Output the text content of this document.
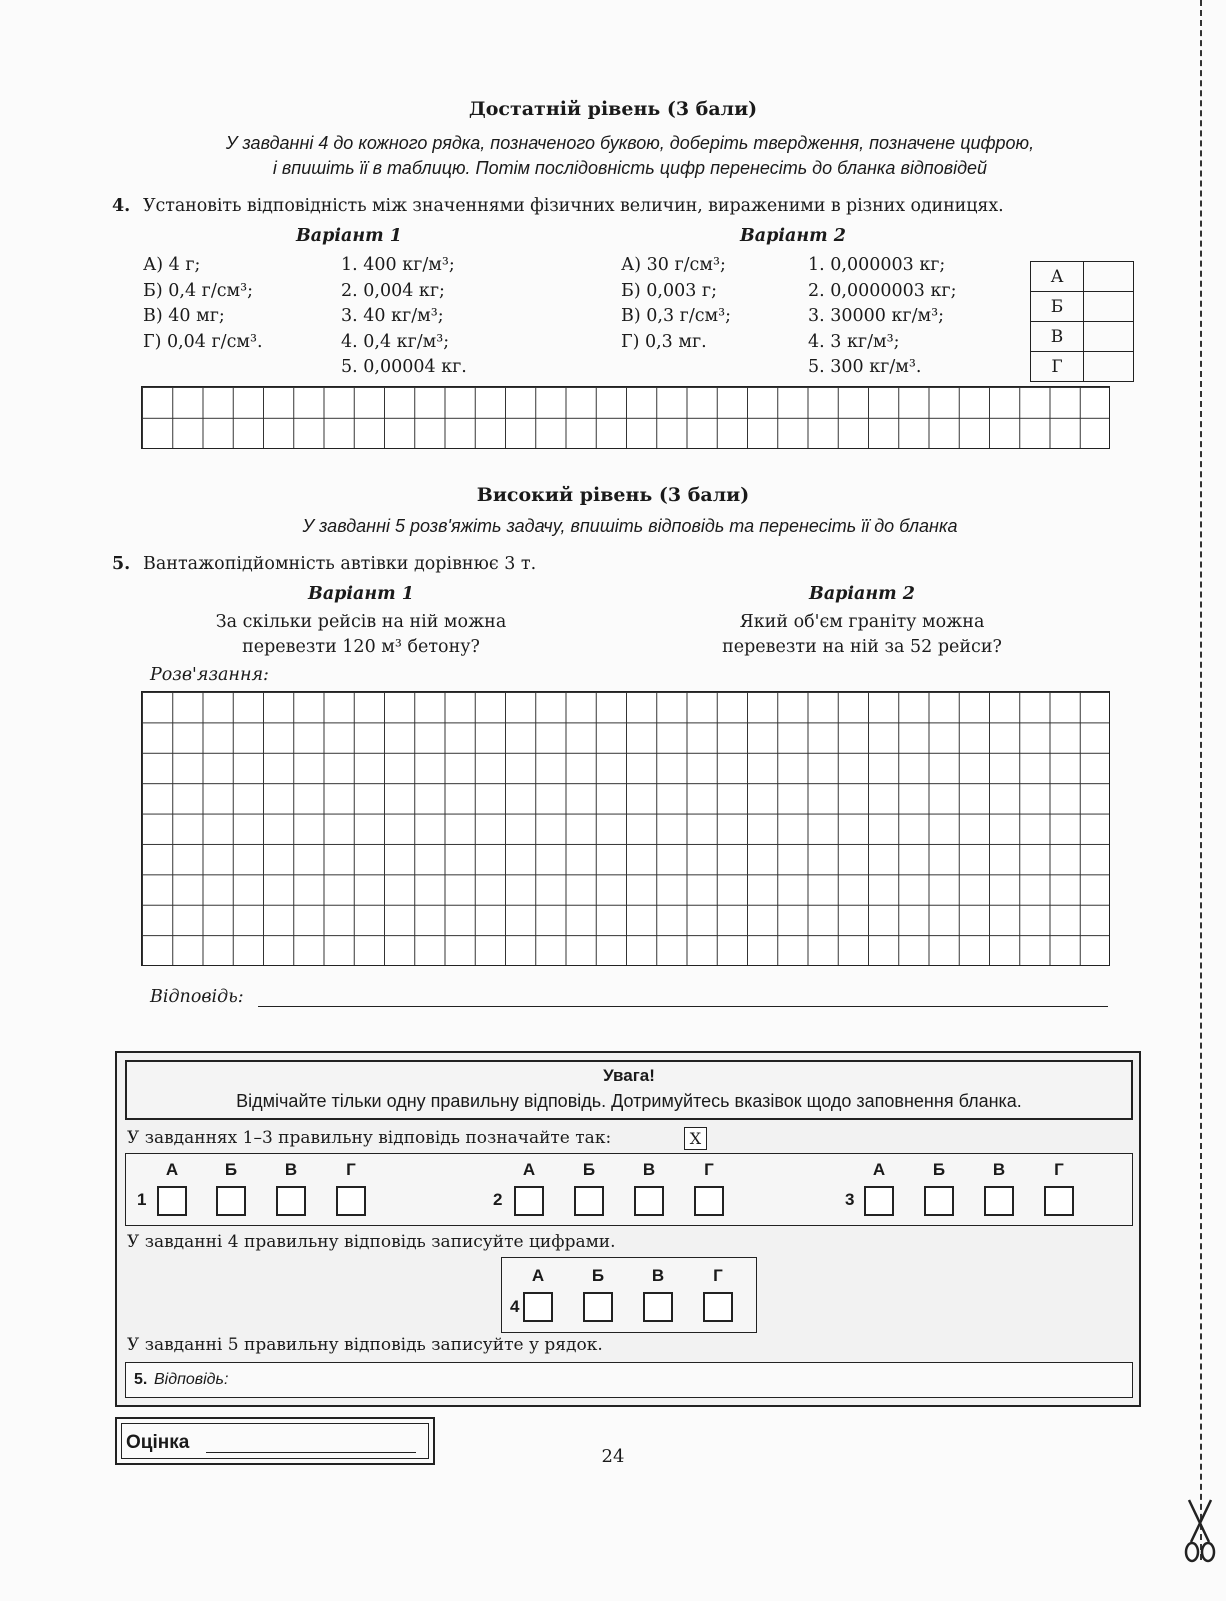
Достатній рівень (3 бали)
У завданні 4 до кожного рядка, позначеного буквою, доберіть твердження, позначене цифрою,
і впишіть її в таблицю. Потім послідовність цифр перенесіть до бланка відповідей
4. Установіть відповідність між значеннями фізичних величин, вираженими в різних одиницях.
Варіант 1	Варіант 2
А) 4 г;
Б) 0,4 г/см³;
В) 40 мг;
Г) 0,04 г/см³.
1. 400 кг/м³;
2. 0,004 кг;
3. 40 кг/м³;
4. 0,4 кг/м³;
5. 0,00004 кг.
А) 30 г/см³;
Б) 0,003 г;
В) 0,3 г/см³;
Г) 0,3 мг.
1. 0,000003 кг;
2. 0,0000003 кг;
3. 30000 кг/м³;
4. 3 кг/м³;
5. 300 кг/м³.
А	
Б	
В	
Г	
Високий рівень (3 бали)
У завданні 5 розв'яжіть задачу, впишіть відповідь та перенесіть її до бланка
5. Вантажопідйомність автівки дорівнює 3 т.
Варіант 1
За скільки рейсів на ній можна
перевезти 120 м³ бетону?
Варіант 2
Який об'єм граніту можна
перевезти на ній за 52 рейси?
Розв'язання:
Відповідь:
Увага!
Відмічайте тільки одну правильну відповідь. Дотримуйтесь вказівок щодо заповнення бланка.
У завданнях 1–3 правильну відповідь позначайте так:	X
1
А	Б	В	Г
2
А	Б	В	Г
3
А	Б	В	Г
У завданні 4 правильну відповідь записуйте цифрами.
4
А	Б	В	Г
У завданні 5 правильну відповідь записуйте у рядок.
5. Відповідь:
Оцінка
24
